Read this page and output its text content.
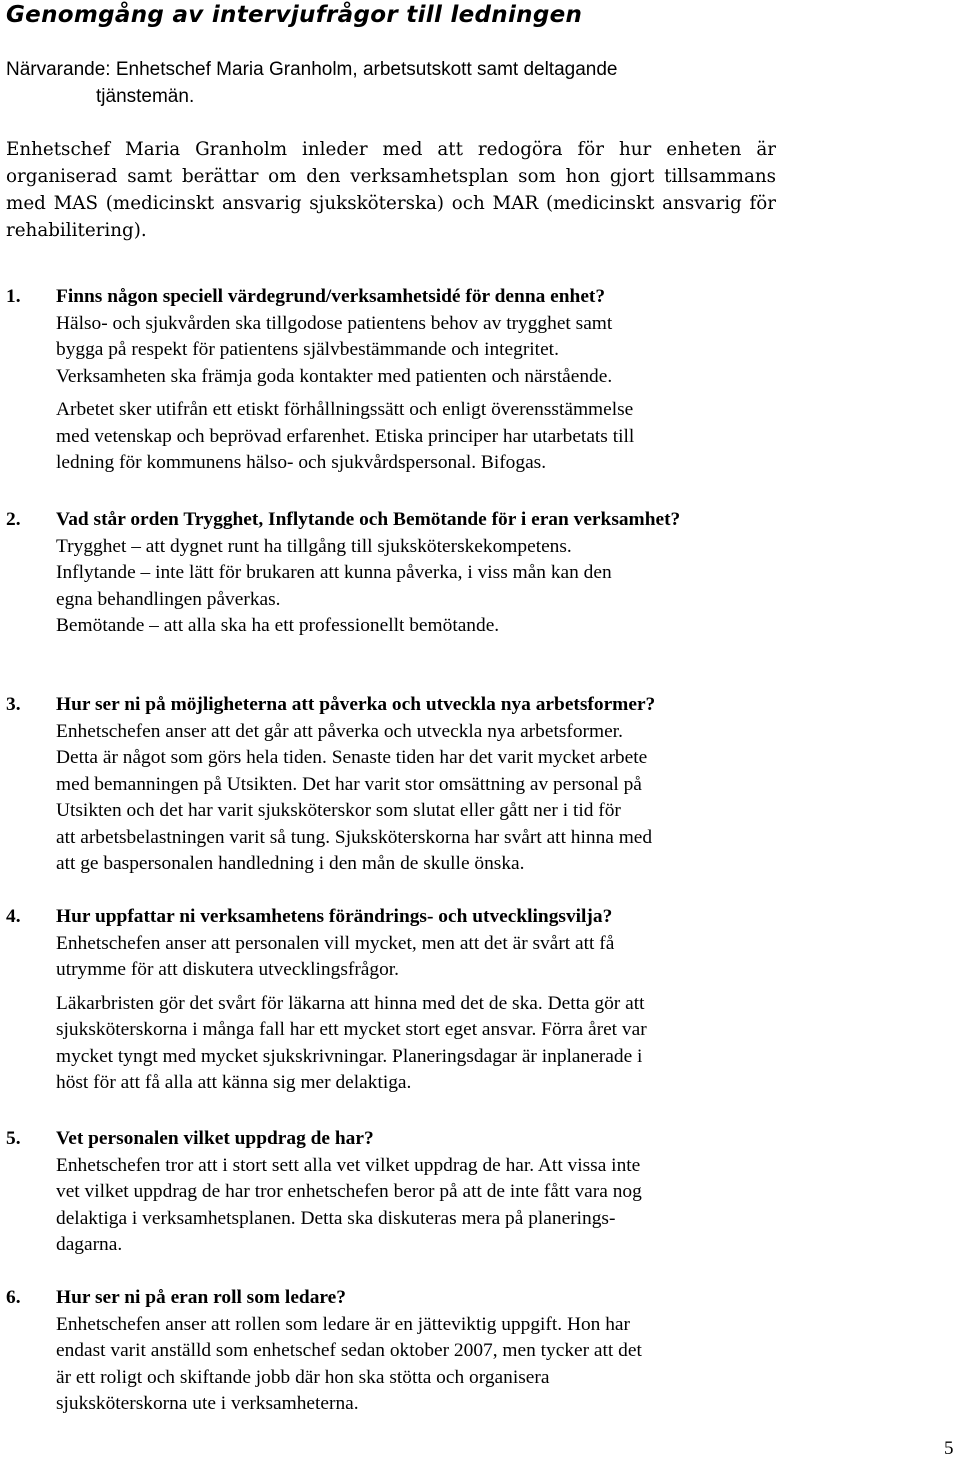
Genomgång av intervjufrågor till ledningen

Närvarande: Enhetschef Maria Granholm, arbetsutskott samt deltagande
tjänstemän.

Enhetschef Maria Granholm inleder med att redogöra för hur enheten är organiserad samt berättar om den verksamhetsplan som hon gjort tillsammans med MAS (medicinskt ansvarig sjuksköterska) och MAR (medicinskt ansvarig för rehabilitering).

1.	Finns någon speciell värdegrund/verksamhetsidé för denna enhet?

Hälso- och sjukvården ska tillgodose patientens behov av trygghet samt
bygga på respekt för patientens självbestämmande och integritet.
Verksamheten ska främja goda kontakter med patienten och närstående.

Arbetet sker utifrån ett etiskt förhållningssätt och enligt överensstämmelse
med vetenskap och beprövad erfarenhet. Etiska principer har utarbetats till
ledning för kommunens hälso- och sjukvårdspersonal. Bifogas.

2.	Vad står orden Trygghet, Inflytande och Bemötande för i eran verksamhet?

Trygghet – att dygnet runt ha tillgång till sjuksköterskekompetens.
Inflytande – inte lätt för brukaren att kunna påverka, i viss mån kan den
egna behandlingen påverkas.
Bemötande – att alla ska ha ett professionellt bemötande.

3.	Hur ser ni på möjligheterna att påverka och utveckla nya arbetsformer?

Enhetschefen anser att det går att påverka och utveckla nya arbetsformer.
Detta är något som görs hela tiden. Senaste tiden har det varit mycket arbete
med bemanningen på Utsikten. Det har varit stor omsättning av personal på
Utsikten och det har varit sjuksköterskor som slutat eller gått ner i tid för
att arbetsbelastningen varit så tung. Sjuksköterskorna har svårt att hinna med
att ge baspersonalen handledning i den mån de skulle önska.

4.	Hur uppfattar ni verksamhetens förändrings- och utvecklingsvilja?

Enhetschefen anser att personalen vill mycket, men att det är svårt att få
utrymme för att diskutera utvecklingsfrågor.

Läkarbristen gör det svårt för läkarna att hinna med det de ska. Detta gör att
sjuksköterskorna i många fall har ett mycket stort eget ansvar. Förra året var
mycket tyngt med mycket sjukskrivningar. Planeringsdagar är inplanerade i
höst för att få alla att känna sig mer delaktiga.

5.	Vet personalen vilket uppdrag de har?

Enhetschefen tror att i stort sett alla vet vilket uppdrag de har. Att vissa inte
vet vilket uppdrag de har tror enhetschefen beror på att de inte fått vara nog
delaktiga i verksamhetsplanen. Detta ska diskuteras mera på planerings-
dagarna.

6.	Hur ser ni på eran roll som ledare?

Enhetschefen anser att rollen som ledare är en jätteviktig uppgift. Hon har
endast varit anställd som enhetschef sedan oktober 2007, men tycker att det
är ett roligt och skiftande jobb där hon ska stötta och organisera
sjuksköterskorna ute i verksamheterna.

5
